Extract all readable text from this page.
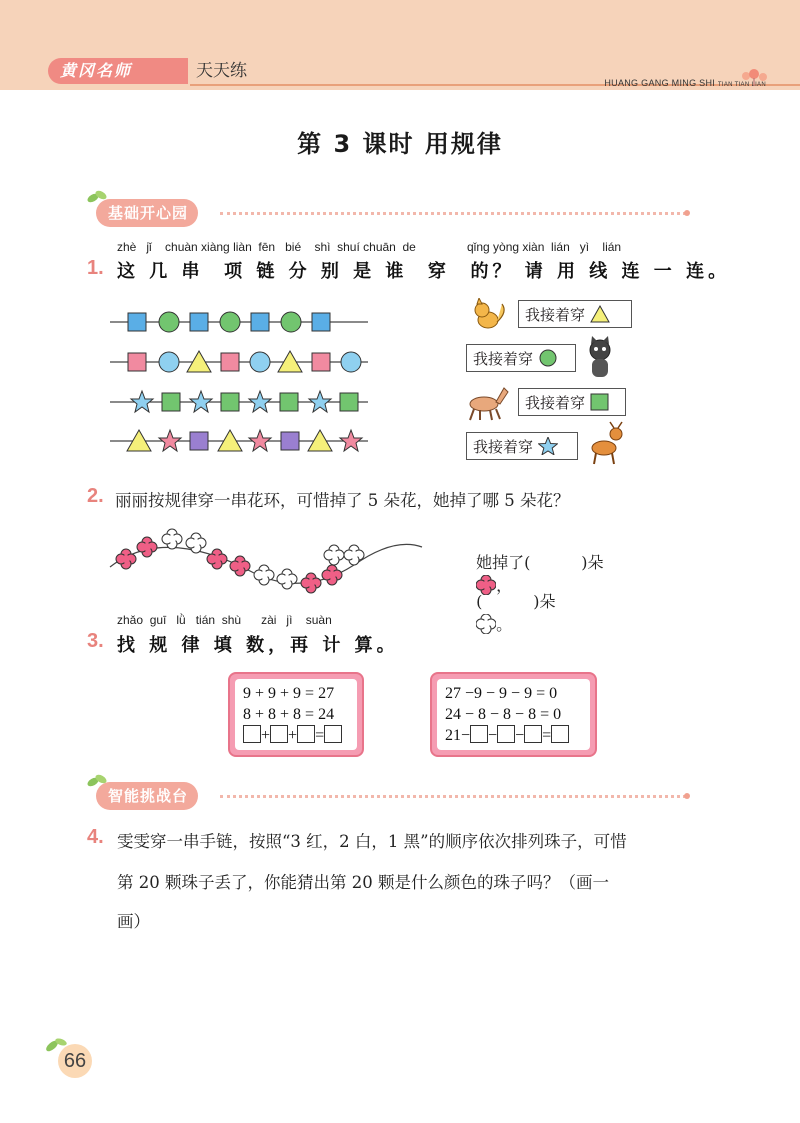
黄冈名师	天天练
HUANG GANG MING SHI TIAN TIAN LIAN
第 3 课时 用规律
基础开心园
zhè   jǐ    chuàn xiàng liàn  fēn   bié    shì  shuí chuān  de	qǐng yòng xiàn  lián   yì    lián
1. 这 几 串  项 链 分 别 是 谁  穿  的？ 请 用 线 连 一 连。
我接着穿
我接着穿
我接着穿
我接着穿
2. 丽丽按规律穿一串花环，可惜掉了 5 朵花，她掉了哪 5 朵花？

她掉了(          )朵
，

(          )朵
。

zhǎo  guī   lǜ   tián  shù      zài   jì    suàn
3. 找 规 律 填 数，再 计 算。
9 + 9 + 9 = 27
8 + 8 + 8 = 24
+ + =
27 −9 − 9 − 9 = 0
24 − 8 − 8 − 8 = 0
21− − − =
智能挑战台
4. 雯雯穿一串手链，按照“3 红，2 白，1 黑”的顺序依次排列珠子，可惜
第 20 颗珠子丢了，你能猜出第 20 颗是什么颜色的珠子吗？（画一
画）
66
